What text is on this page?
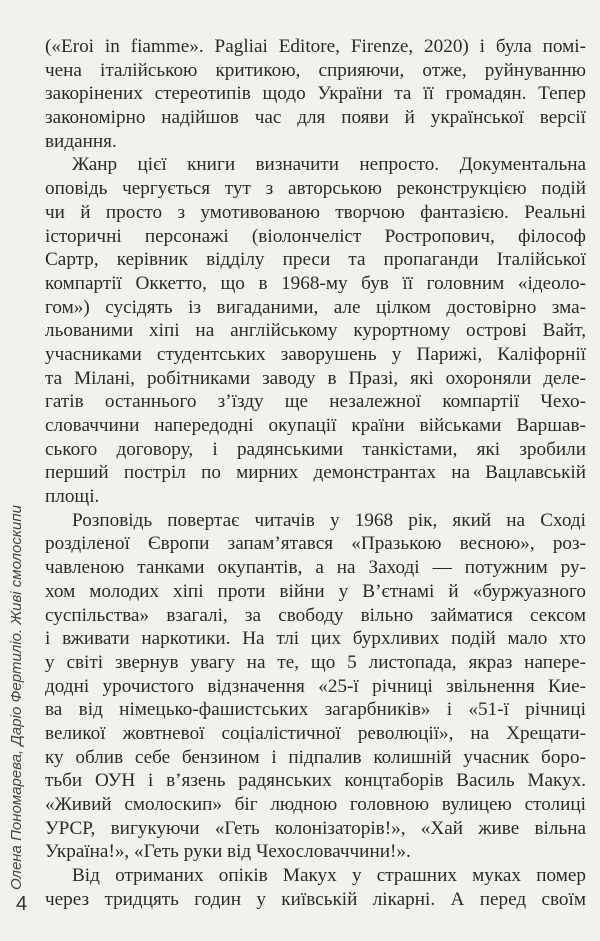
(«Eroi in fiamme». Pagliai Editore, Firenze, 2020) і була помі-
чена італійською критикою, сприяючи, отже, руйнуванню
закорінених стереотипів щодо України та її громадян. Тепер
закономірно надійшов час для появи й української версії
видання.
Жанр цієї книги визначити непросто. Документальна
оповідь чергується тут з авторською реконструкцією подій
чи й просто з умотивованою творчою фантазією. Реальні
історичні персонажі (віолончеліст Ростропович, філософ
Сартр, керівник відділу преси та пропаганди Італійської
компартії Оккетто, що в 1968-му був її головним «ідеоло-
гом») сусідять із вигаданими, але цілком достовірно зма-
льованими хіпі на англійському курортному острові Вайт,
учасниками студентських заворушень у Парижі, Каліфорнії
та Мілані, робітниками заводу в Празі, які охороняли деле-
гатів останнього з’їзду ще незалежної компартії Чехо-
словаччини напередодні окупації країни військами Варшав-
ського договору, і радянськими танкістами, які зробили
перший постріл по мирних демонстрантах на Вацлавській
площі.
Розповідь повертає читачів у 1968 рік, який на Сході
розділеної Європи запам’ятався «Празькою весною», роз-
чавленою танками окупантів, а на Заході — потужним ру-
хом молодих хіпі проти війни у В’єтнамі й «буржуазного
суспільства» взагалі, за свободу вільно займатися сексом
і вживати наркотики. На тлі цих бурхливих подій мало хто
у світі звернув увагу на те, що 5 листопада, якраз напере-
додні урочистого відзначення «25-ї річниці звільнення Кие-
ва від німецько-фашистських загарбників» і «51-ї річниці
великої жовтневої соціалістичної революції», на Хрещати-
ку облив себе бензином і підпалив колишній учасник боро-
тьби ОУН і в’язень радянських концтаборів Василь Макух.
«Живий смолоскип» біг людною головною вулицею столиці
УРСР, вигукуючи «Геть колонізаторів!», «Хай живе вільна
Україна!», «Геть руки від Чехословаччини!».
Від отриманих опіків Макух у страшних муках помер
через тридцять годин у київській лікарні. А перед своїм
Олена Пономарева, Даріо Фертиліо. Живі смолоскипи
4
